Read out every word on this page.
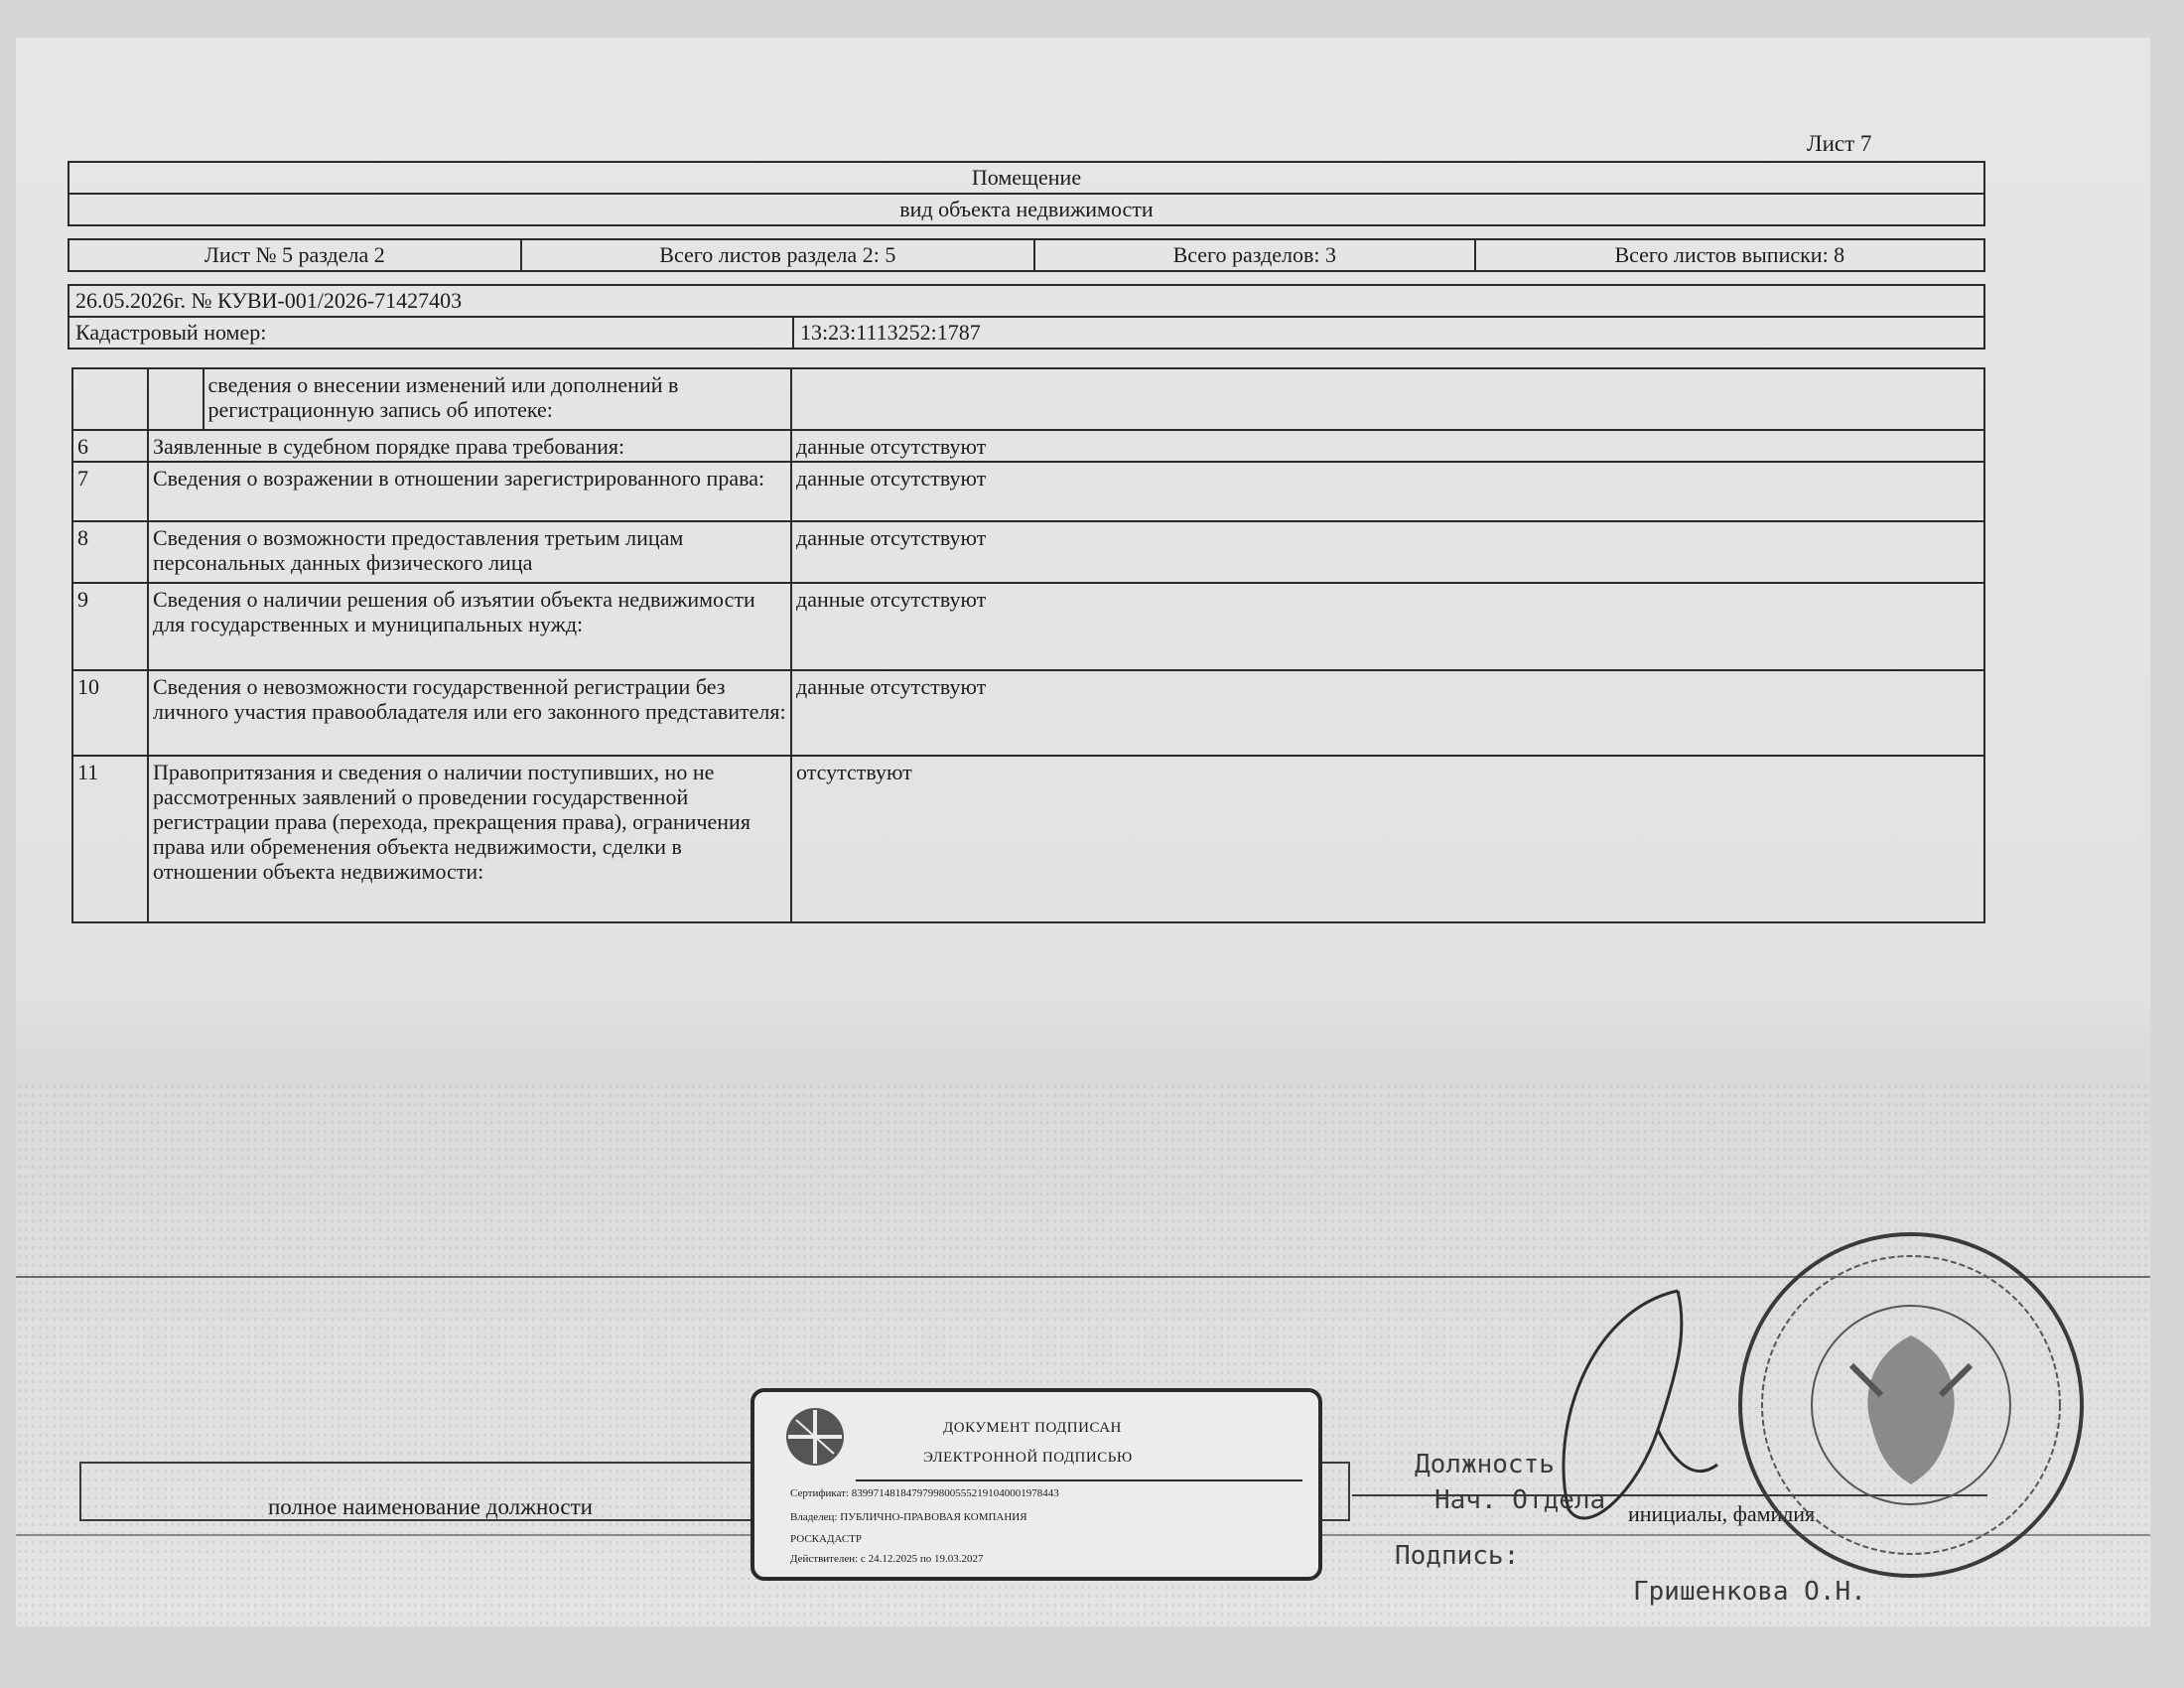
Лист 7
Помещение
вид объекта недвижимости
Лист № 5 раздела 2	Всего листов раздела 2: 5	Всего разделов: 3	Всего листов выписки: 8
26.05.2026г. № КУВИ-001/2026-71427403
Кадастровый номер:	13:23:1113252:1787

	сведения о внесении изменений или дополнений в регистрационную запись об ипотеке:	

6	Заявленные в судебном порядке права требования:	данные отсутствуют
7	Сведения о возражении в отношении зарегистрированного права:	данные отсутствуют
8	Сведения о возможности предоставления третьим лицам персональных данных физического лица	данные отсутствуют
9	Сведения о наличии решения об изъятии объекта недвижимости для государственных и муниципальных нужд:	данные отсутствуют
10	Сведения о невозможности государственной регистрации без личного участия правообладателя или его законного представителя:	данные отсутствуют
11	Правопритязания и сведения о наличии поступивших, но не рассмотренных заявлений о проведении государственной регистрации права (перехода, прекращения права), ограничения права или обременения объекта недвижимости, сделки в отношении объекта недвижимости:	отсутствуют
полное наименование должности	инициалы, фамилия
ДОКУМЕНТ ПОДПИСАН
ЭЛЕКТРОННОЙ ПОДПИСЬЮ
Сертификат: 839971481847979980055521910400019784​43
Владелец: ПУБЛИЧНО-ПРАВОВАЯ КОМПАНИЯ
РОСКАДАСТР
Действителен: с 24.12.2025 по 19.03.2027
Должность
Нач. Отдела
Подпись:
Гришенкова О.Н.
